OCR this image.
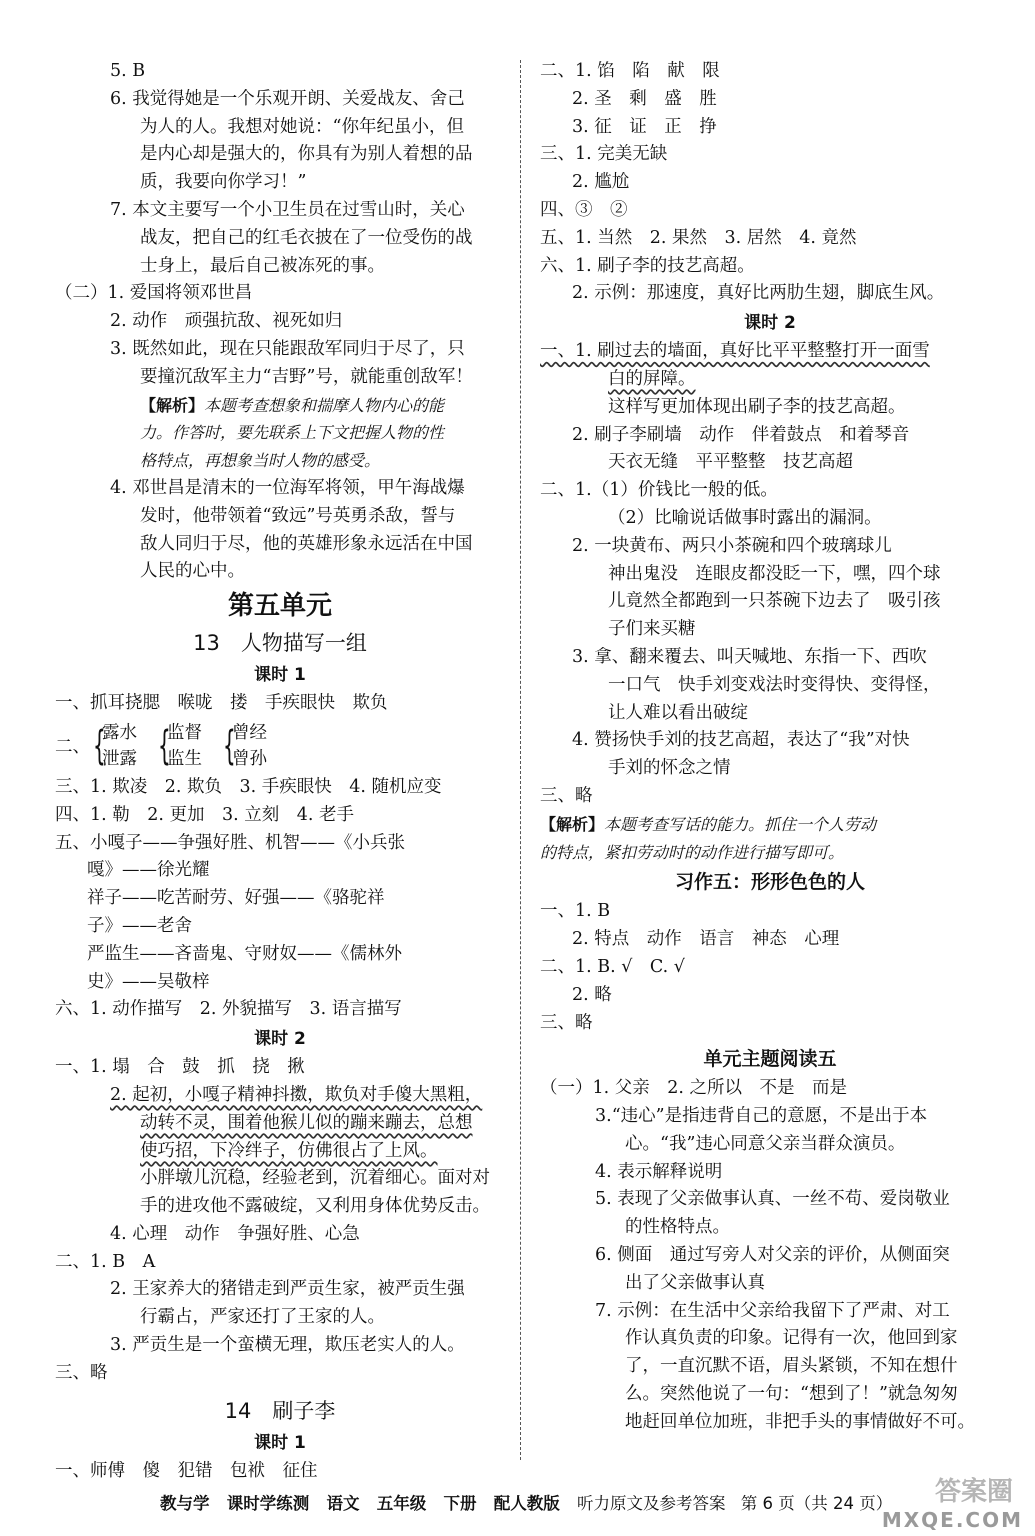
5. B
6. 我觉得她是一个乐观开朗、关爱战友、舍己
为人的人。我想对她说：“你年纪虽小，但
是内心却是强大的，你具有为别人着想的品
质，我要向你学习！”
7. 本文主要写一个小卫生员在过雪山时，关心
战友，把自己的红毛衣披在了一位受伤的战
士身上，最后自己被冻死的事。
（二）1. 爱国将领邓世昌
2. 动作　顽强抗敌、视死如归
3. 既然如此，现在只能跟敌军同归于尽了，只
要撞沉敌军主力“吉野”号，就能重创敌军！
【解析】本题考查想象和揣摩人物内心的能
力。作答时，要先联系上下文把握人物的性
格特点，再想象当时人物的感受。
4. 邓世昌是清末的一位海军将领，甲午海战爆
发时，他带领着“致远”号英勇杀敌，誓与
敌人同归于尽，他的英雄形象永远活在中国
人民的心中。
第五单元
13　人物描写一组
课时 1
一、抓耳挠腮　喉咙　搂　手疾眼快　欺负
二、 {
露水
泄露 {
监督
监生 {
曾经
曾孙
三、1. 欺凌　2. 欺负　3. 手疾眼快　4. 随机应变
四、1. 勒　2. 更加　3. 立刻　4. 老手
五、小嘎子——争强好胜、机智——《小兵张
嘎》——徐光耀
祥子——吃苦耐劳、好强——《骆驼祥
子》——老舍
严监生——吝啬鬼、守财奴——《儒林外
史》——吴敬梓
六、1. 动作描写　2. 外貌描写　3. 语言描写
课时 2
一、1. 塌　合　鼓　抓　挠　揪
2. 起初，小嘎子精神抖擞，欺负对手傻大黑粗，
动转不灵，围着他猴儿似的蹦来蹦去，总想
使巧招，下冷绊子，仿佛很占了上风。
小胖墩儿沉稳，经验老到，沉着细心。面对对
手的进攻他不露破绽，又利用身体优势反击。
4. 心理　动作　争强好胜、心急
二、1. B　A
2. 王家养大的猪错走到严贡生家，被严贡生强
行霸占，严家还打了王家的人。
3. 严贡生是一个蛮横无理，欺压老实人的人。
三、略
14　刷子李
课时 1
一、师傅　傻　犯错　包袱　征住
二、1. 馅　陷　献　限
2. 圣　剩　盛　胜
3. 征　证　正　挣
三、1. 完美无缺
2. 尴尬
四、③　②
五、1. 当然　2. 果然　3. 居然　4. 竟然
六、1. 刷子李的技艺高超。
2. 示例：那速度，真好比两肋生翅，脚底生风。
课时 2
一、1. 刷过去的墙面，真好比平平整整打开一面雪
白的屏障。
这样写更加体现出刷子李的技艺高超。
2. 刷子李刷墙　动作　伴着鼓点　和着琴音
天衣无缝　平平整整　技艺高超
二、1.（1）价钱比一般的低。
（2）比喻说话做事时露出的漏洞。
2. 一块黄布、两只小茶碗和四个玻璃球儿
神出鬼没　连眼皮都没眨一下，嘿，四个球
儿竟然全都跑到一只茶碗下边去了　吸引孩
子们来买糖
3. 拿、翻来覆去、叫天喊地、东指一下、西吹
一口气　快手刘变戏法时变得快、变得怪，
让人难以看出破绽
4. 赞扬快手刘的技艺高超，表达了“我”对快
手刘的怀念之情
三、略
【解析】本题考查写话的能力。抓住一个人劳动
的特点，紧扣劳动时的动作进行描写即可。
习作五：形形色色的人
一、1. B
2. 特点　动作　语言　神态　心理
二、1. B. √　C. √
2. 略
三、略
单元主题阅读五
（一）1. 父亲　2. 之所以　不是　而是
3.“违心”是指违背自己的意愿，不是出于本
心。“我”违心同意父亲当群众演员。
4. 表示解释说明
5. 表现了父亲做事认真、一丝不苟、爱岗敬业
的性格特点。
6. 侧面　通过写旁人对父亲的评价，从侧面突
出了父亲做事认真
7. 示例：在生活中父亲给我留下了严肃、对工
作认真负责的印象。记得有一次，他回到家
了，一直沉默不语，眉头紧锁，不知在想什
么。突然他说了一句：“想到了！”就急匆匆
地赶回单位加班，非把手头的事情做好不可。
教与学 课时学练测 语文 五年级 下册 配人教版 听力原文及参考答案 第 6 页（共 24 页）	答案圈
MXQE.COM
